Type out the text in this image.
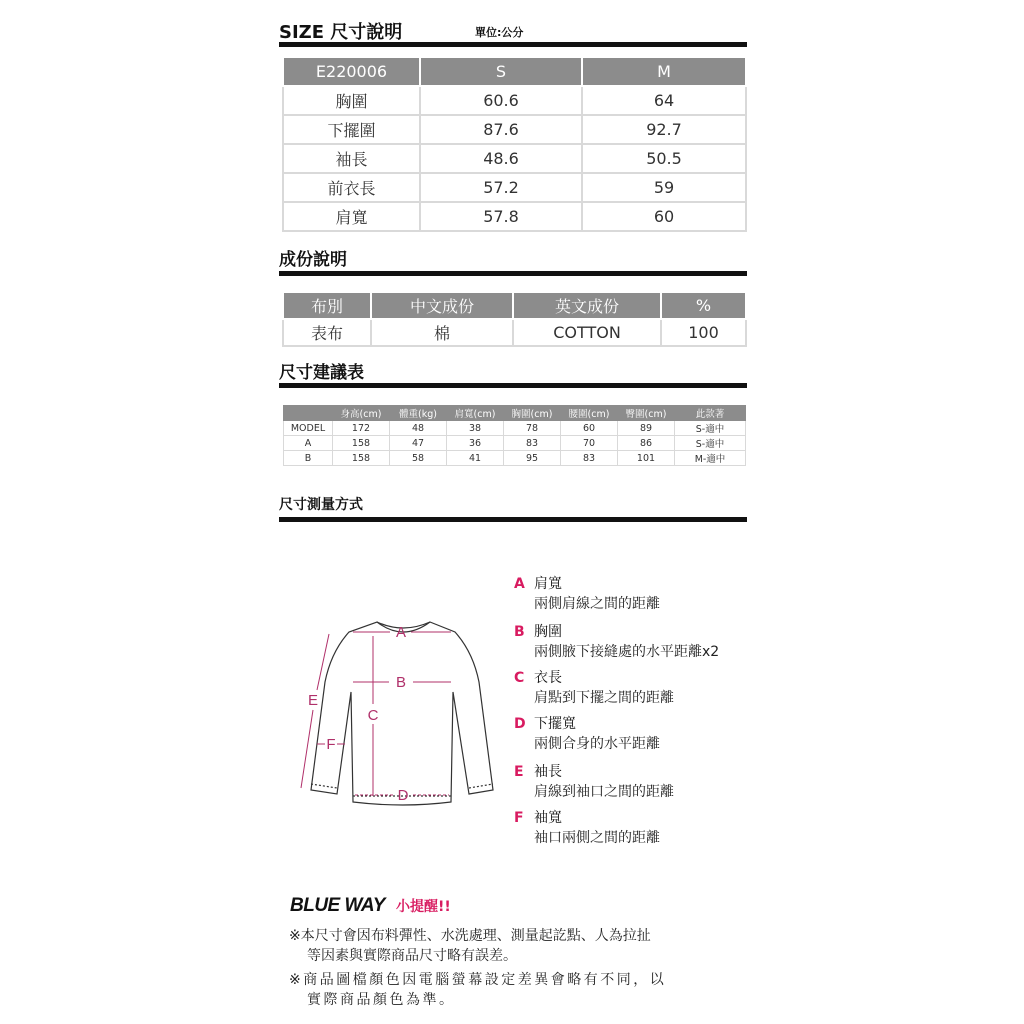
SIZE 尺寸說明	單位:公分
E220006	S	M
胸圍	60.6	64
下擺圍	87.6	92.7
袖長	48.6	50.5
前衣長	57.2	59
肩寬	57.8	60
成份說明
布別	中文成份	英文成份	%
表布	棉	COTTON	100
尺寸建議表
	身高(cm)	體重(kg)	肩寬(cm)	胸圍(cm)	腰圍(cm)	臀圍(cm)	此款著
MODEL	172	48	38	78	60	89	S-適中
A	158	47	36	83	70	86	S-適中
B	158	58	41	95	83	101	M-適中
尺寸測量方式
A
B
C
D
E
F
A 肩寬
兩側肩線之間的距離
B 胸圍
兩側腋下接縫處的水平距離x2
C 衣長
肩點到下擺之間的距離
D 下擺寬
兩側合身的水平距離
E 袖長
肩線到袖口之間的距離
F 袖寬
袖口兩側之間的距離
BLUE WAY 小提醒!!
※本尺寸會因布料彈性、水洗處理、測量起訖點、人為拉扯
等因素與實際商品尺寸略有誤差。
※商品圖檔顏色因電腦螢幕設定差異會略有不同，以
實際商品顏色為準。
